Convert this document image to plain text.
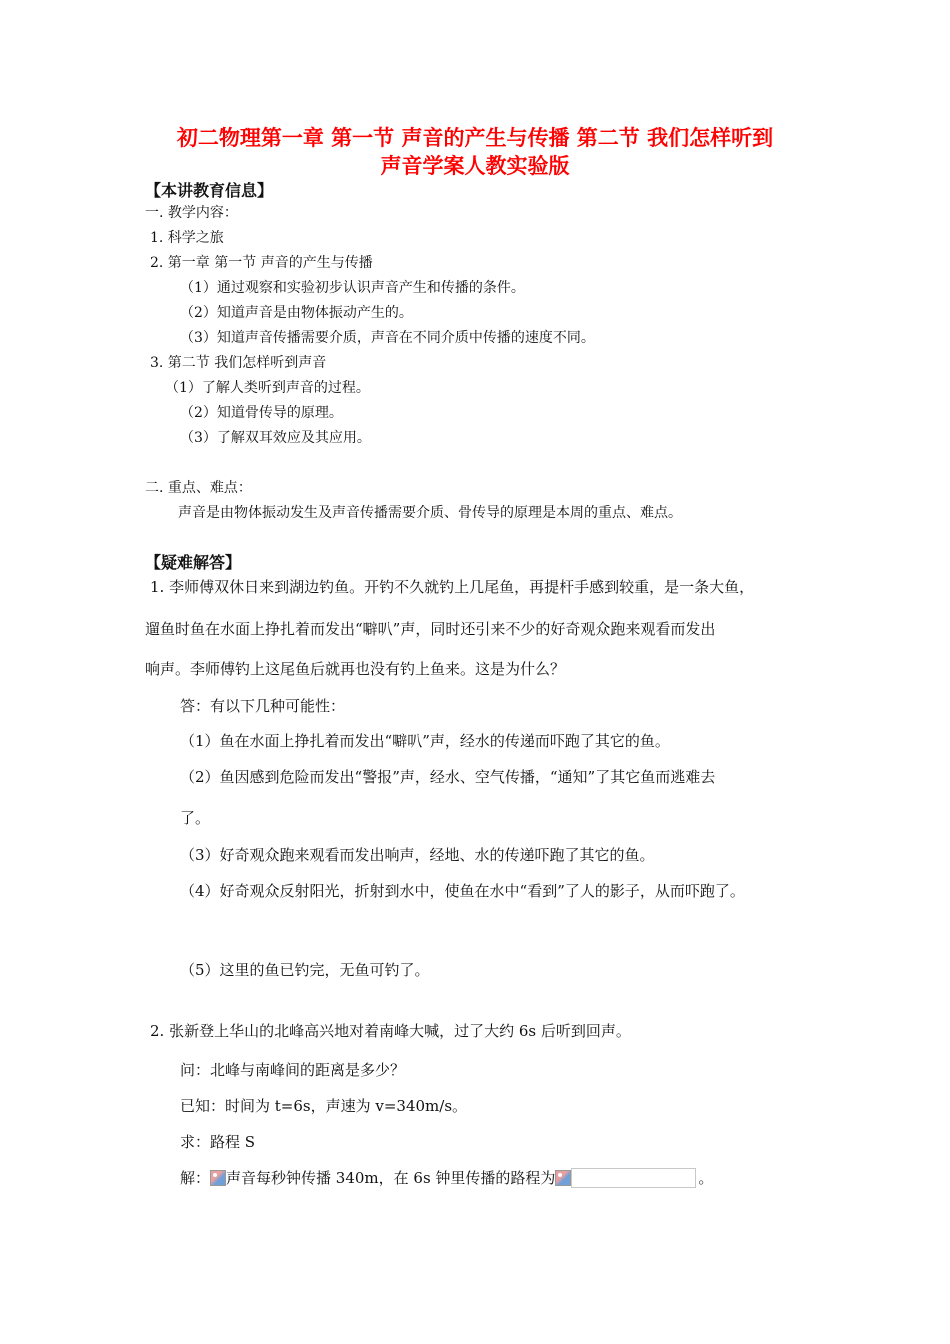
初二物理第一章 第一节 声音的产生与传播 第二节 我们怎样听到
声音学案人教实验版
【本讲教育信息】
一. 教学内容：
1. 科学之旅
2. 第一章 第一节 声音的产生与传播
（1）通过观察和实验初步认识声音产生和传播的条件。
（2）知道声音是由物体振动产生的。
（3）知道声音传播需要介质，声音在不同介质中传播的速度不同。
3. 第二节 我们怎样听到声音
（1）了解人类听到声音的过程。
（2）知道骨传导的原理。
（3）了解双耳效应及其应用。
二. 重点、难点：
声音是由物体振动发生及声音传播需要介质、骨传导的原理是本周的重点、难点。
【疑难解答】
1. 李师傅双休日来到湖边钓鱼。开钓不久就钓上几尾鱼，再提杆手感到较重，是一条大鱼，
遛鱼时鱼在水面上挣扎着而发出“噼叭”声，同时还引来不少的好奇观众跑来观看而发出
响声。李师傅钓上这尾鱼后就再也没有钓上鱼来。这是为什么？
答：有以下几种可能性：
（1）鱼在水面上挣扎着而发出“噼叭”声，经水的传递而吓跑了其它的鱼。
（2）鱼因感到危险而发出“警报”声，经水、空气传播，“通知”了其它鱼而逃难去
了。
（3）好奇观众跑来观看而发出响声，经地、水的传递吓跑了其它的鱼。
（4）好奇观众反射阳光，折射到水中，使鱼在水中“看到”了人的影子，从而吓跑了。
（5）这里的鱼已钓完，无鱼可钓了。
2. 张新登上华山的北峰高兴地对着南峰大喊，过了大约 6s 后听到回声。
问：北峰与南峰间的距离是多少？
已知：时间为 t=6s，声速为 v=340m/s。
求：路程 S
解： 声音每秒钟传播 340m，在 6s 钟里传播的路程为	。
